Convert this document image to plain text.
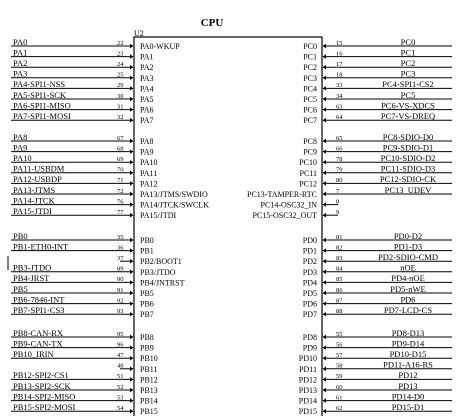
CPU
U2
PA0	22 PA0-WKUP
PA1	23 PA1
PA2	24 PA2
PA3	25 PA3
PA4-SPI1-NSS	29 PA4
PA5-SPI1-SCK	30 PA5
PA6-SPI1-MISO	31 PA6
PA7-SPI1-MOSI	32 PA7
PA8	67 PA8
PA9	68 PA9
PA10	69 PA10
PA11-USBDM	70 PA11
PA12-USBDP	71 PA12
PA13-JTMS	72 PA13/JTMS/SWDIO
PA14-JTCK	76 PA14/JTCK/SWCLK
PA15-JTDI	77 PA15/JTDI
PB0	35 PB0
PB1-ETH0-INT	36 PB1
37 PB2/BOOT1
PB3-JTDO	89 PB3/JTDO
PB4-JRST	90 PB4/JNTRST
PB5	91 PB5
PB6-7846-INT	92 PB6
PB7-SPI1-CS3	93 PB7
PB8-CAN-RX	95 PB8
PB9-CAN-TX	96 PB9
PB10_IRIN	47 PB10
48 PB11
PB12-SPI2-CS1	51 PB12
PB13-SPI2-SCK	52 PB13
PB14-SPI2-MISO	53 PB14
PB15-SPI2-MOSI	54 PB15
PC0	15	PC0
PC1	16	PC1
PC2	17	PC2
PC3	18	PC3
PC4	33	PC4-SPI1-CS2
PC5	34	PC5
PC6	63	PC6-VS-XDCS
PC7	64	PC7-VS-DREQ
PC8	65	PC8-SDIO-D0
PC9	66	PC9-SDIO-D1
PC10	78	PC10-SDIO-D2
PC11	79	PC11-SDIO-D3
PC12	80	PC12-SDIO-CK
PC13-TAMPER-RTC	7	PC13_UDEV
PC14-OSC32_IN	8
PC15-OSC32_OUT	9
PD0	81	PD0-D2
PD1	82	PD1-D3
PD2	83	PD2-SDIO-CMD
PD3	84	nOE
PD4	85	PD4-nOE
PD5	86	PD5-nWE
PD6	87	PD6
PD7	88	PD7-LCD-CS
PD8	55	PD8-D13
PD9	56	PD9-D14
PD10	57	PD10-D15
PD11	58	PD11-A16-RS
PD12	59	PD12
PD13	60	PD13
PD14	61	PD14-D0
PD15	62	PD15-D1
